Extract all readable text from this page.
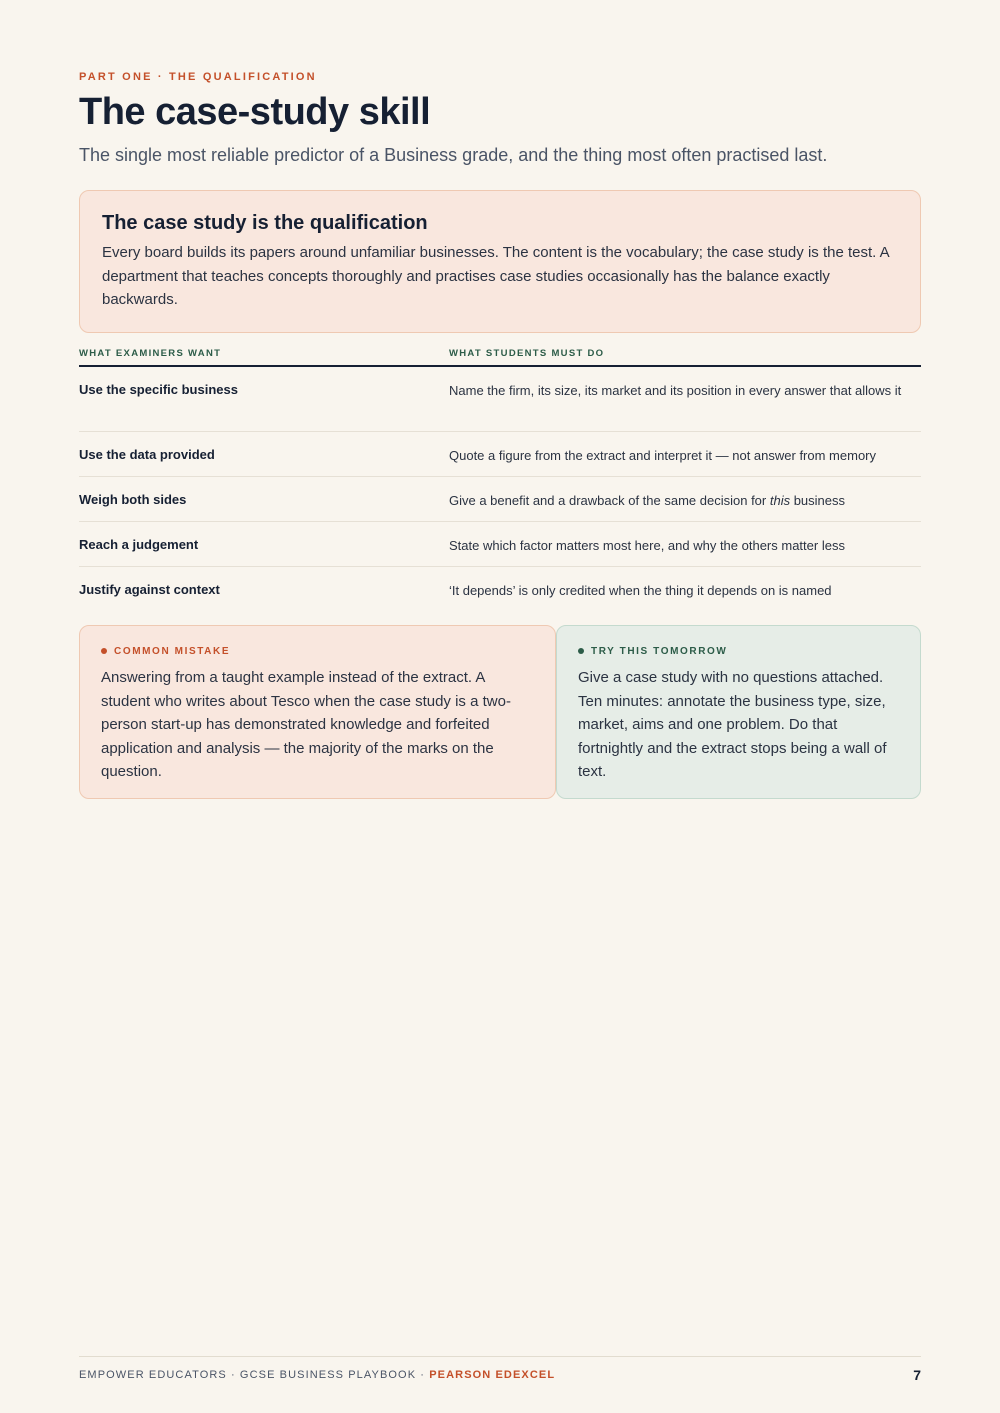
PART ONE · THE QUALIFICATION
The case-study skill
The single most reliable predictor of a Business grade, and the thing most often practised last.
The case study is the qualification

Every board builds its papers around unfamiliar businesses. The content is the vocabulary; the case study is the test. A department that teaches concepts thoroughly and practises case studies occasionally has the balance exactly backwards.

WHAT EXAMINERS WANT	WHAT STUDENTS MUST DO
Use the specific business	Name the firm, its size, its market and its position in every answer that allows it
Use the data provided	Quote a figure from the extract and interpret it — not answer from memory
Weigh both sides	Give a benefit and a drawback of the same decision for this business
Reach a judgement	State which factor matters most here, and why the others matter less
Justify against context	‘It depends’ is only credited when the thing it depends on is named
COMMON MISTAKE

Answering from a taught example instead of the extract. A student who writes about Tesco when the case study is a two-person start-up has demonstrated knowledge and forfeited application and analysis — the majority of the marks on the question.

TRY THIS TOMORROW

Give a case study with no questions attached. Ten minutes: annotate the business type, size, market, aims and one problem. Do that fortnightly and the extract stops being a wall of text.

EMPOWER EDUCATORS · GCSE BUSINESS PLAYBOOK · PEARSON EDEXCEL	7
